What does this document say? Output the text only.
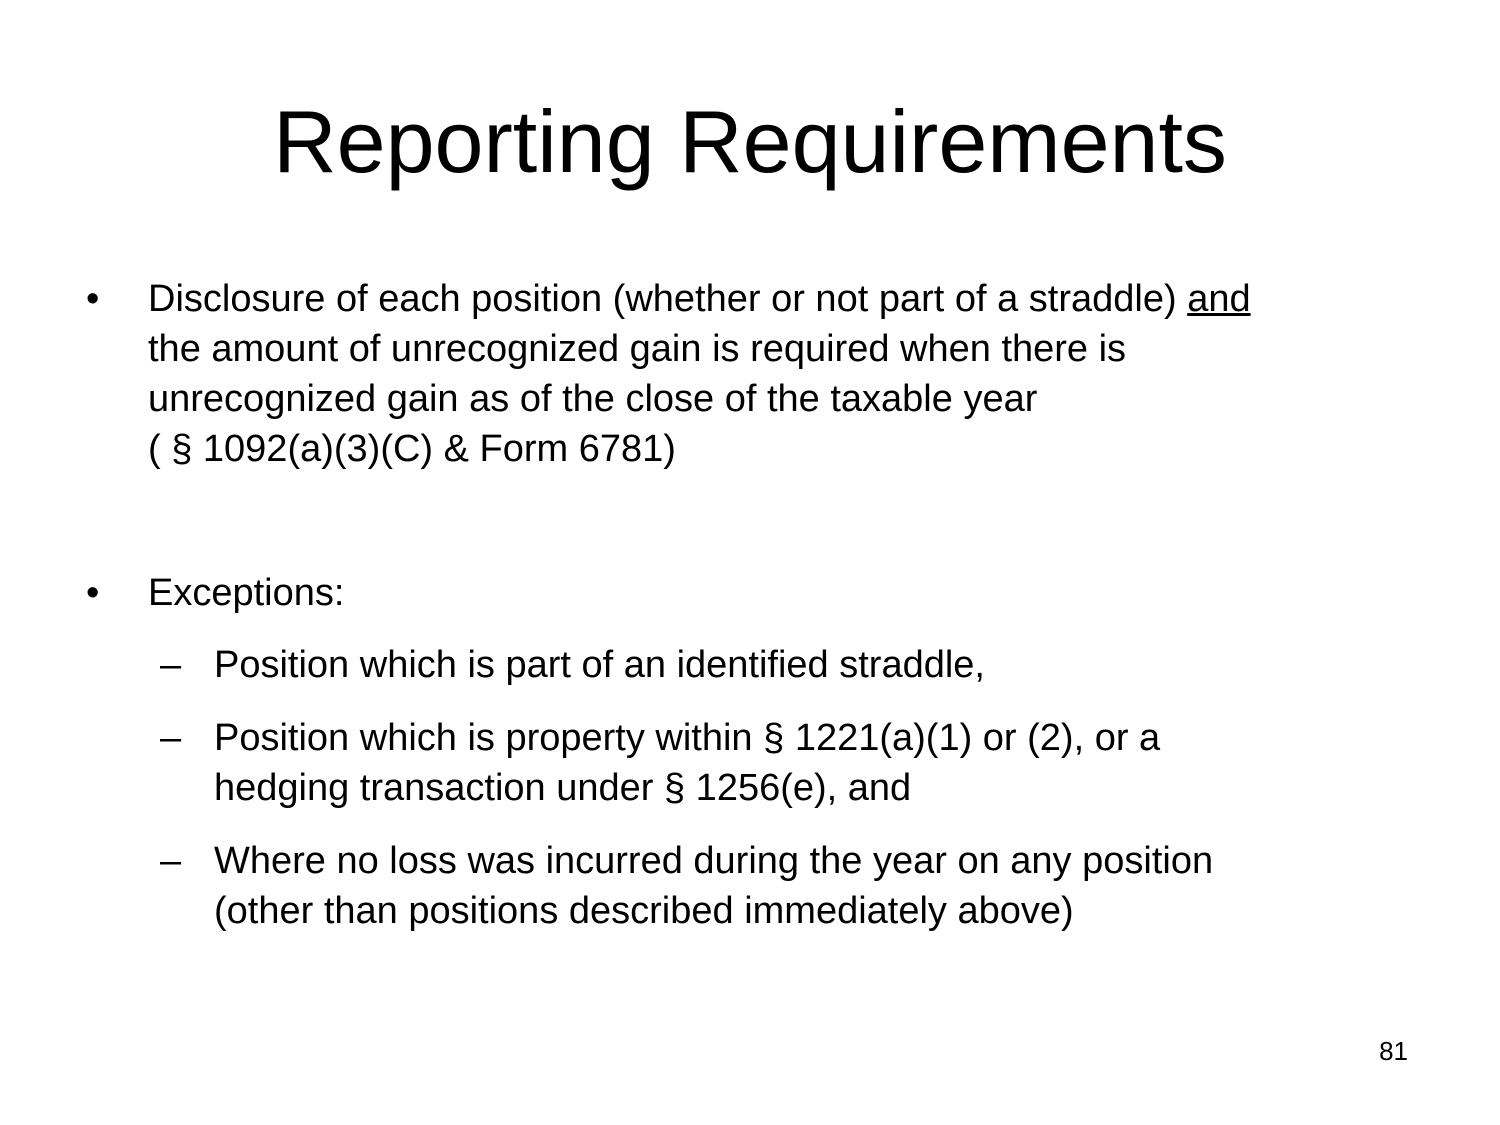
Reporting Requirements
• Disclosure of each position (whether or not part of a straddle) and
the amount of unrecognized gain is required when there is
unrecognized gain as of the close of the taxable year
( § 1092(a)(3)(C) & Form 6781)
• Exceptions:
– Position which is part of an identified straddle,
– Position which is property within § 1221(a)(1) or (2), or a
hedging transaction under § 1256(e), and
– Where no loss was incurred during the year on any position
(other than positions described immediately above)
81
